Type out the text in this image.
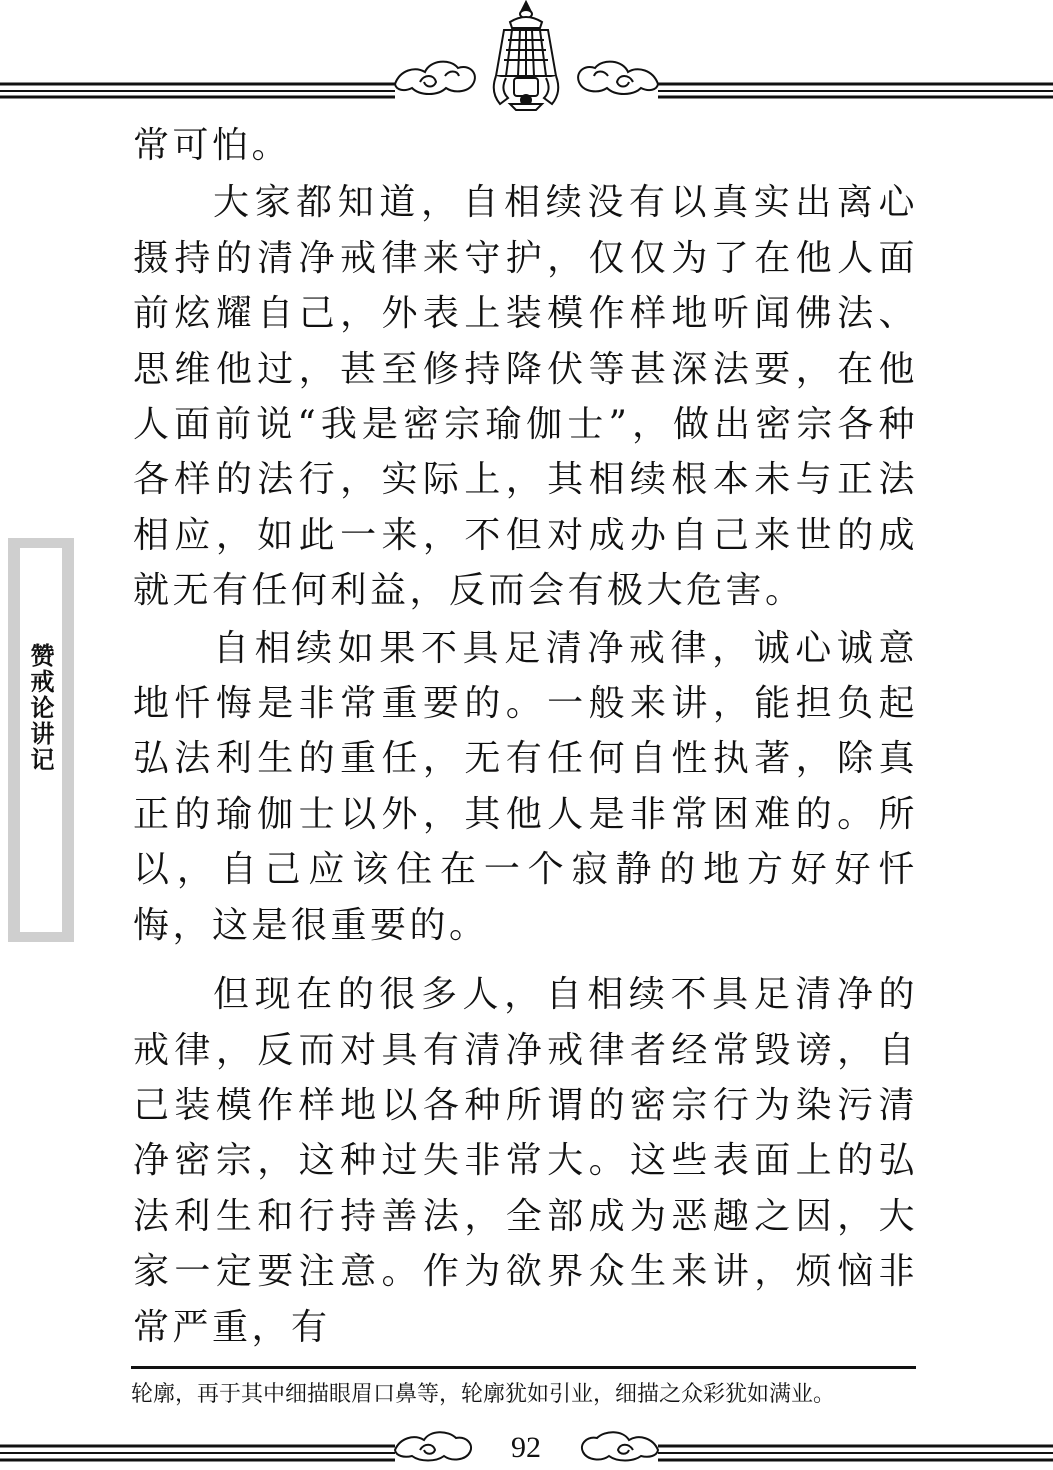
赞戒论讲记

常可怕。

大家都知道，自相续没有以真实出离心摄持的清净戒律来守护，仅仅为了在他人面前炫耀自己，外表上装模作样地听闻佛法、思维他过，甚至修持降伏等甚深法要，在他人面前说“我是密宗瑜伽士”，做出密宗各种各样的法行，实际上，其相续根本未与正法相应，如此一来，不但对成办自己来世的成就无有任何利益，反而会有极大危害。

自相续如果不具足清净戒律，诚心诚意地忏悔是非常重要的。一般来讲，能担负起弘法利生的重任，无有任何自性执著，除真正的瑜伽士以外，其他人是非常困难的。所以，自己应该住在一个寂静的地方好好忏悔，这是很重要的。

但现在的很多人，自相续不具足清净的戒律，反而对具有清净戒律者经常毁谤，自己装模作样地以各种所谓的密宗行为染污清净密宗，这种过失非常大。这些表面上的弘法利生和行持善法，全部成为恶趣之因，大家一定要注意。作为欲界众生来讲，烦恼非常严重，有

轮廓，再于其中细描眼眉口鼻等，轮廓犹如引业，细描之众彩犹如满业。
92
